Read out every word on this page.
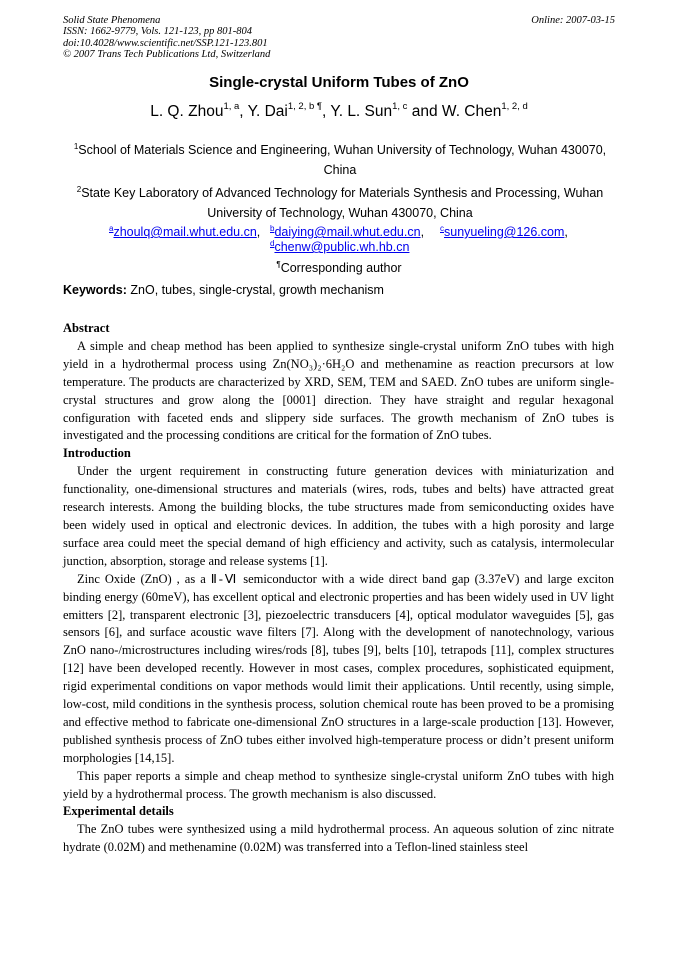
Solid State Phenomena
ISSN: 1662-9779, Vols. 121-123, pp 801-804
doi:10.4028/www.scientific.net/SSP.121-123.801
© 2007 Trans Tech Publications Ltd, Switzerland
Online: 2007-03-15
Single-crystal Uniform Tubes of ZnO
L. Q. Zhou$^{1, a}$, Y. Dai$^{1, 2, b \P}$, Y. L. Sun$^{1, c}$ and W. Chen$^{1, 2, d}$
$^1$School of Materials Science and Engineering, Wuhan University of Technology, Wuhan 430070, China
$^2$State Key Laboratory of Advanced Technology for Materials Synthesis and Processing, Wuhan University of Technology, Wuhan 430070, China
$^a$zhoulq@mail.whut.edu.cn, $^b$daiying@mail.whut.edu.cn, $^c$sunyueling@126.com,
$^d$chenw@public.wh.hb.cn
¶Corresponding author
Keywords: ZnO, tubes, single-crystal, growth mechanism
Abstract

A simple and cheap method has been applied to synthesize single-crystal uniform ZnO tubes with high yield in a hydrothermal process using Zn(NO₃)₂·6H₂O and methenamine as reaction precursors at low temperature. The products are characterized by XRD, SEM, TEM and SAED. ZnO tubes are uniform single-crystal structures and grow along the [0001] direction. They have straight and regular hexagonal configuration with faceted ends and slippery side surfaces. The growth mechanism of ZnO tubes is investigated and the processing conditions are critical for the formation of ZnO tubes.

Introduction

Under the urgent requirement in constructing future generation devices with miniaturization and functionality, one-dimensional structures and materials (wires, rods, tubes and belts) have attracted great research interests. Among the building blocks, the tube structures made from semiconducting oxides have been widely used in optical and electronic devices. In addition, the tubes with a high porosity and large surface area could meet the special demand of high efficiency and activity, such as catalysis, intermolecular junction, absorption, storage and release systems [1].

Zinc Oxide (ZnO) , as a Ⅱ-Ⅵ semiconductor with a wide direct band gap (3.37eV) and large exciton binding energy (60meV), has excellent optical and electronic properties and has been widely used in UV light emitters [2], transparent electronic [3], piezoelectric transducers [4], optical modulator waveguides [5], gas sensors [6], and surface acoustic wave filters [7]. Along with the development of nanotechnology, various ZnO nano-/microstructures including wires/rods [8], tubes [9], belts [10], tetrapods [11], complex structures [12] have been developed recently. However in most cases, complex procedures, sophisticated equipment, rigid experimental conditions on vapor methods would limit their applications. Until recently, using simple, low-cost, mild conditions in the synthesis process, solution chemical route has been proved to be a promising and effective method to fabricate one-dimensional ZnO structures in a large-scale production [13]. However, published synthesis process of ZnO tubes either involved high-temperature process or didn’t present uniform morphologies [14,15].

This paper reports a simple and cheap method to synthesize single-crystal uniform ZnO tubes with high yield by a hydrothermal process. The growth mechanism is also discussed.

Experimental details

The ZnO tubes were synthesized using a mild hydrothermal process. An aqueous solution of zinc nitrate hydrate (0.02M) and methenamine (0.02M) was transferred into a Teflon-lined stainless steel
